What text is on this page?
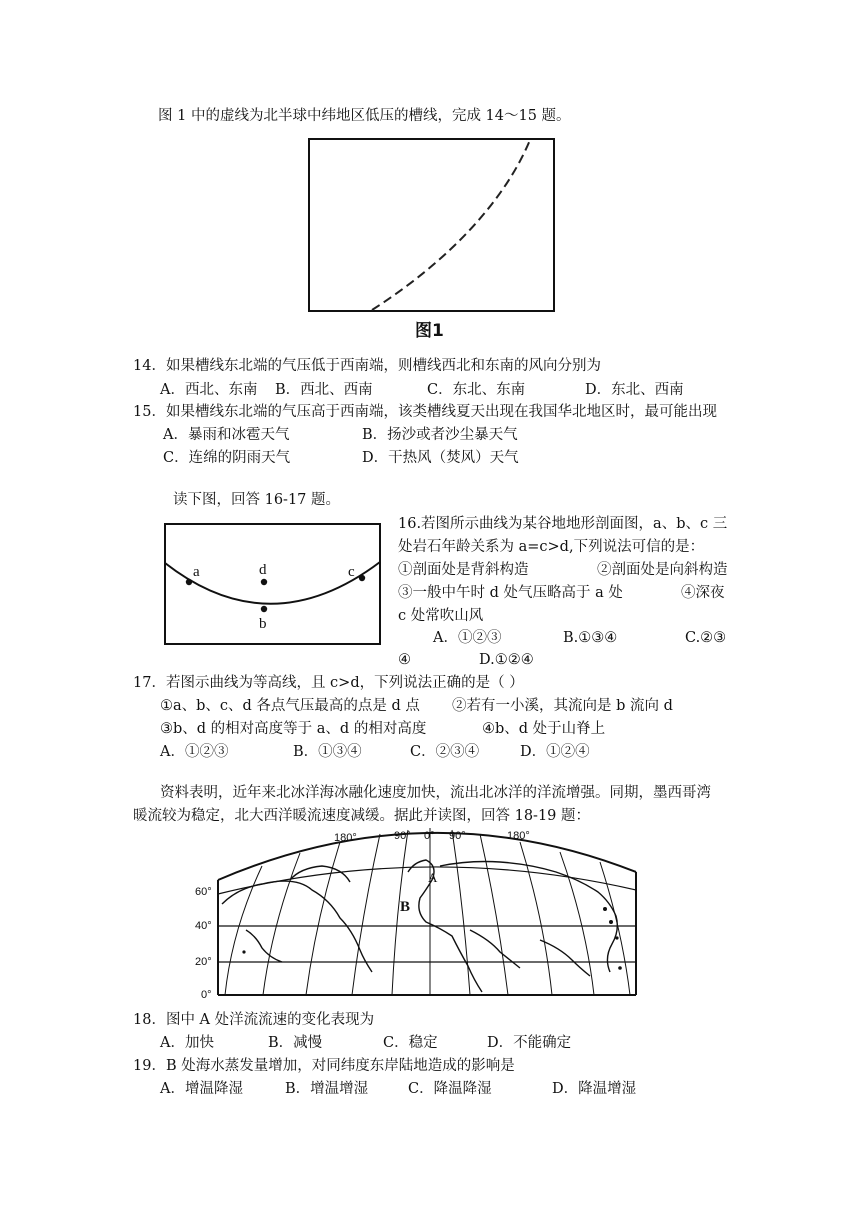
图 1 中的虚线为北半球中纬地区低压的槽线，完成 14～15 题。
图1
14．如果槽线东北端的气压低于西南端，则槽线西北和东南的风向分别为
A．西北、东南 B．西北、西南	C．东北、东南	D．东北、西南
15．如果槽线东北端的气压高于西南端，该类槽线夏天出现在我国华北地区时，最可能出现
A．暴雨和冰雹天气	B．扬沙或者沙尘暴天气
C．连绵的阴雨天气	D．干热风（焚风）天气
读下图，回答 16-17 题。
a	d	c
b
16.若图所示曲线为某谷地地形剖面图，a、b、c 三
处岩石年龄关系为 a=c>d,下列说法可信的是：
①剖面处是背斜构造	②剖面处是向斜构造
③一般中午时 d 处气压略高于 a 处	④深夜
c 处常吹山风
A．①②③	B.①③④	C.②③
④	D.①②④
17．若图示曲线为等高线，且 c>d，下列说法正确的是（ ）
①a、b、c、d 各点气压最高的点是 d 点 ②若有一小溪，其流向是 b 流向 d
③b、d 的相对高度等于 a、d 的相对高度	④b、d 处于山脊上
A．①②③	B．①③④	C．②③④	D．①②④
资料表明，近年来北冰洋海冰融化速度加快，流出北冰洋的洋流增强。同期，墨西哥湾
暖流较为稳定，北大西洋暖流速度减缓。据此并读图，回答 18-19 题：
180°	90° 0° 90°	180°
60°
40°
20°
0°
A
B
18．图中 A 处洋流流速的变化表现为
A．加快	B．减慢	C．稳定	D．不能确定
19．B 处海水蒸发量增加，对同纬度东岸陆地造成的影响是
A．增温降湿	B．增温增湿	C．降温降湿	D．降温增湿
